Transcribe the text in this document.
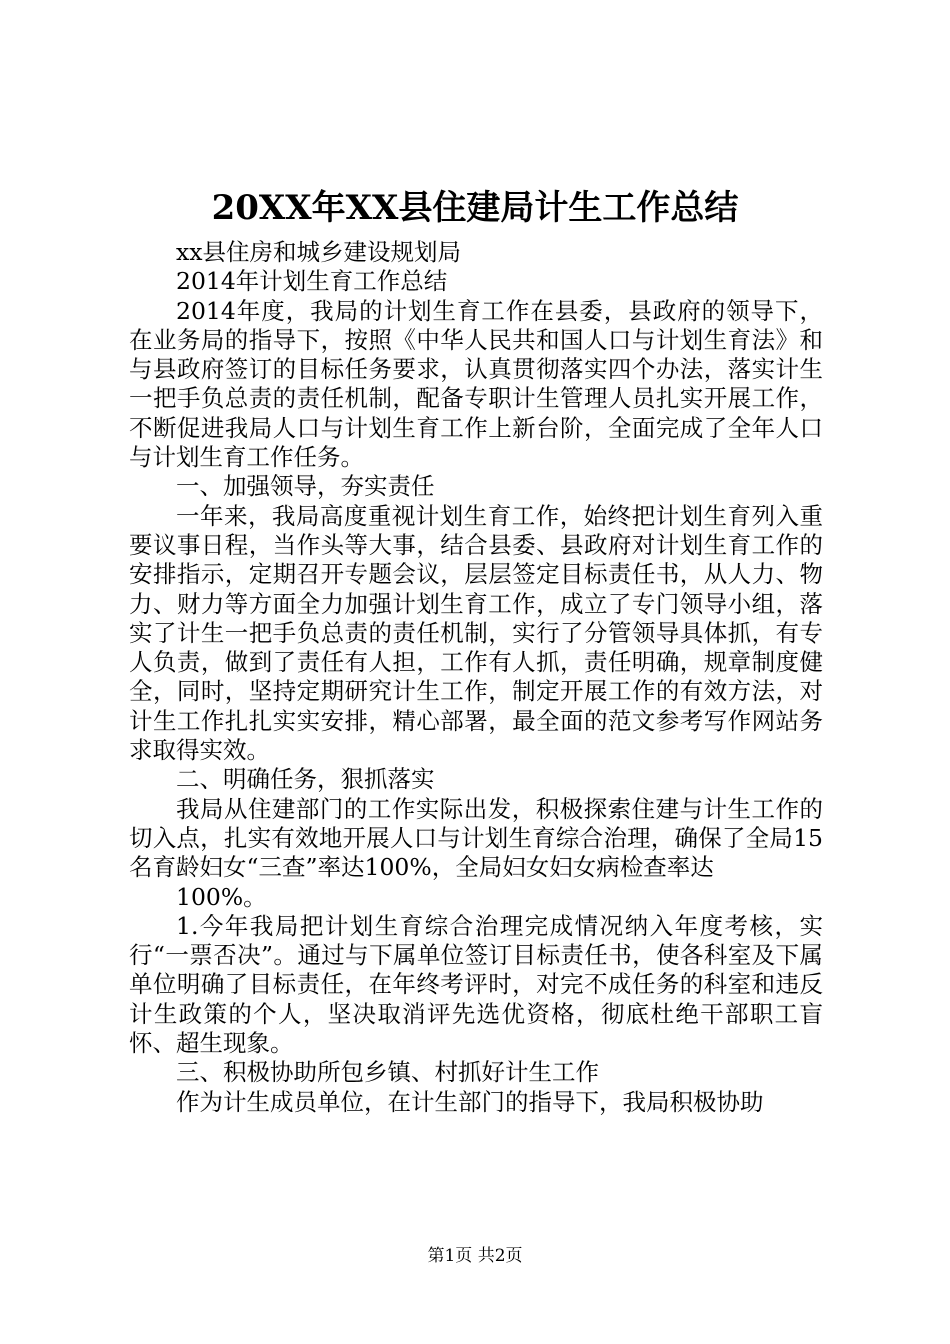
20XX年XX县住建局计生工作总结

xx县住房和城乡建设规划局

2014年计划生育工作总结

2014年度，我局的计划生育工作在县委，县政府的领导下，在业务局的指导下，按照《中华人民共和国人口与计划生育法》和与县政府签订的目标任务要求，认真贯彻落实四个办法，落实计生一把手负总责的责任机制，配备专职计生管理人员扎实开展工作，不断促进我局人口与计划生育工作上新台阶，全面完成了全年人口与计划生育工作任务。

一、加强领导，夯实责任

一年来，我局高度重视计划生育工作，始终把计划生育列入重要议事日程，当作头等大事，结合县委、县政府对计划生育工作的安排指示，定期召开专题会议，层层签定目标责任书，从人力、物力、财力等方面全力加强计划生育工作，成立了专门领导小组，落实了计生一把手负总责的责任机制，实行了分管领导具体抓，有专人负责，做到了责任有人担，工作有人抓，责任明确，规章制度健全，同时，坚持定期研究计生工作，制定开展工作的有效方法，对计生工作扎扎实实安排，精心部署，最全面的范文参考写作网站务求取得实效。

二、明确任务，狠抓落实

我局从住建部门的工作实际出发，积极探索住建与计生工作的切入点，扎实有效地开展人口与计划生育综合治理，确保了全局15名育龄妇女“三查”率达100%，全局妇女妇女病检查率达

100%。

1.今年我局把计划生育综合治理完成情况纳入年度考核，实行“一票否决”。通过与下属单位签订目标责任书，使各科室及下属单位明确了目标责任，在年终考评时，对完不成任务的科室和违反计生政策的个人，坚决取消评先选优资格，彻底杜绝干部职工盲怀、超生现象。

三、积极协助所包乡镇、村抓好计生工作

作为计生成员单位，在计生部门的指导下，我局积极协助

第1页 共2页
